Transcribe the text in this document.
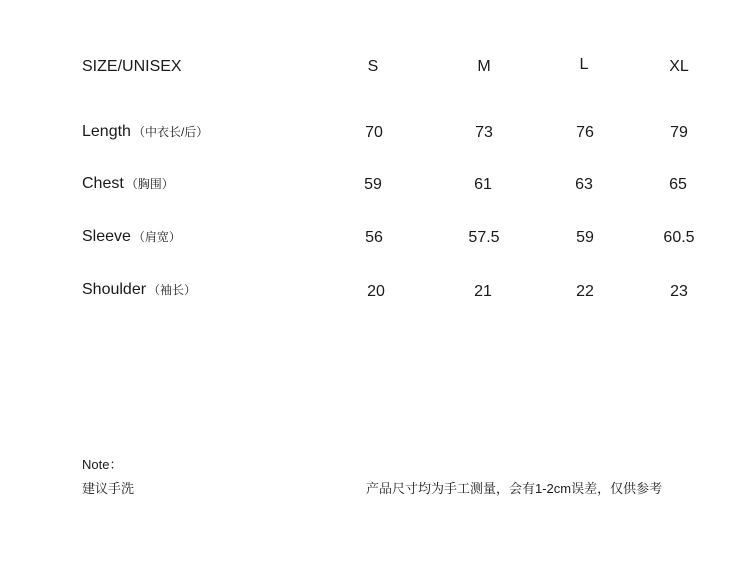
SIZE/UNISEX	S	M	L	XL
Length （中衣长/后）	70	73	76	79
Chest （胸围）	59	61	63	65
Sleeve （肩宽）	56	57.5	59	60.5
Shoulder （袖长）	20	21	22	23
Note：
建议手洗	产品尺寸均为手工测量，会有1-2cm误差，仅供参考
